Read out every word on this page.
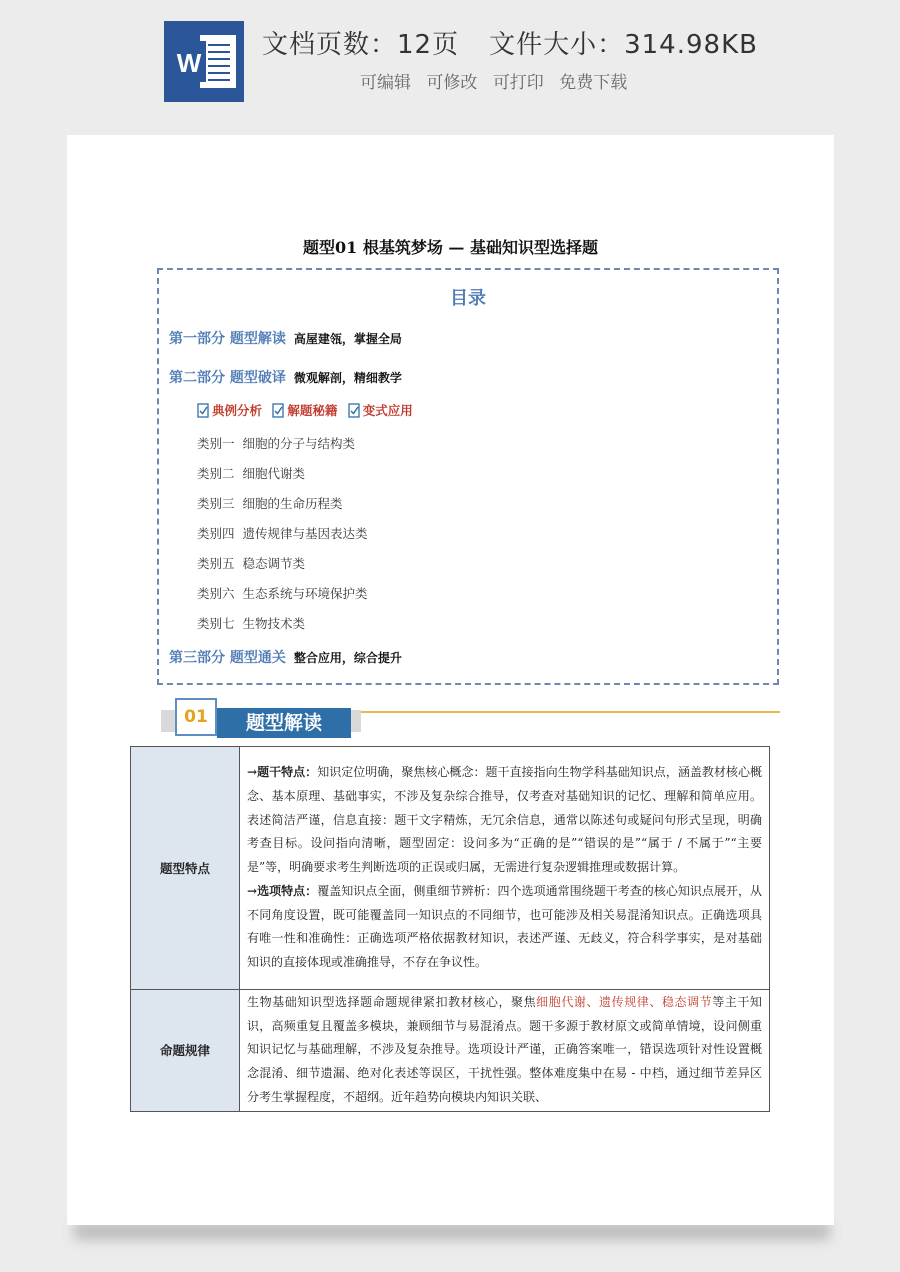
W
文档页数：12页 文件大小：314.98KB
可编辑 可修改 可打印 免费下载
题型01 根基筑梦场 — 基础知识型选择题
目录
第一部分 题型解读 高屋建瓴，掌握全局
第二部分 题型破译 微观解剖，精细教学
典例分析
解题秘籍
变式应用
类别一 细胞的分子与结构类
类别二 细胞代谢类
类别三 细胞的生命历程类
类别四 遗传规律与基因表达类
类别五 稳态调节类
类别六 生态系统与环境保护类
类别七 生物技术类
第三部分 题型通关 整合应用，综合提升
01	题型解读
题型特点	→题干特点：知识定位明确，聚焦核心概念：题干直接指向生物学科基础知识点，涵盖教材核心概念、基本原理、基础事实，不涉及复杂综合推导，仅考查对基础知识的记忆、理解和简单应用。表述简洁严谨，信息直接：题干文字精炼，无冗余信息，通常以陈述句或疑问句形式呈现，明确考查目标。设问指向清晰，题型固定：设问多为“正确的是”“错误的是”“属于 / 不属于”“主要是”等，明确要求考生判断选项的正误或归属，无需进行复杂逻辑推理或数据计算。
→选项特点：覆盖知识点全面，侧重细节辨析：四个选项通常围绕题干考查的核心知识点展开，从不同角度设置，既可能覆盖同一知识点的不同细节，也可能涉及相关易混淆知识点。正确选项具有唯一性和准确性：正确选项严格依据教材知识，表述严谨、无歧义，符合科学事实，是对基础知识的直接体现或准确推导，不存在争议性。

命题规律	生物基础知识型选择题命题规律紧扣教材核心，聚焦细胞代谢、遗传规律、稳态调节等主干知识，高频重复且覆盖多模块，兼顾细节与易混淆点。题干多源于教材原文或简单情境，设问侧重知识记忆与基础理解，不涉及复杂推导。选项设计严谨，正确答案唯一，错误选项针对性设置概念混淆、细节遗漏、绝对化表述等误区，干扰性强。整体难度集中在易 - 中档，通过细节差异区分考生掌握程度，不超纲。近年趋势向模块内知识关联、
